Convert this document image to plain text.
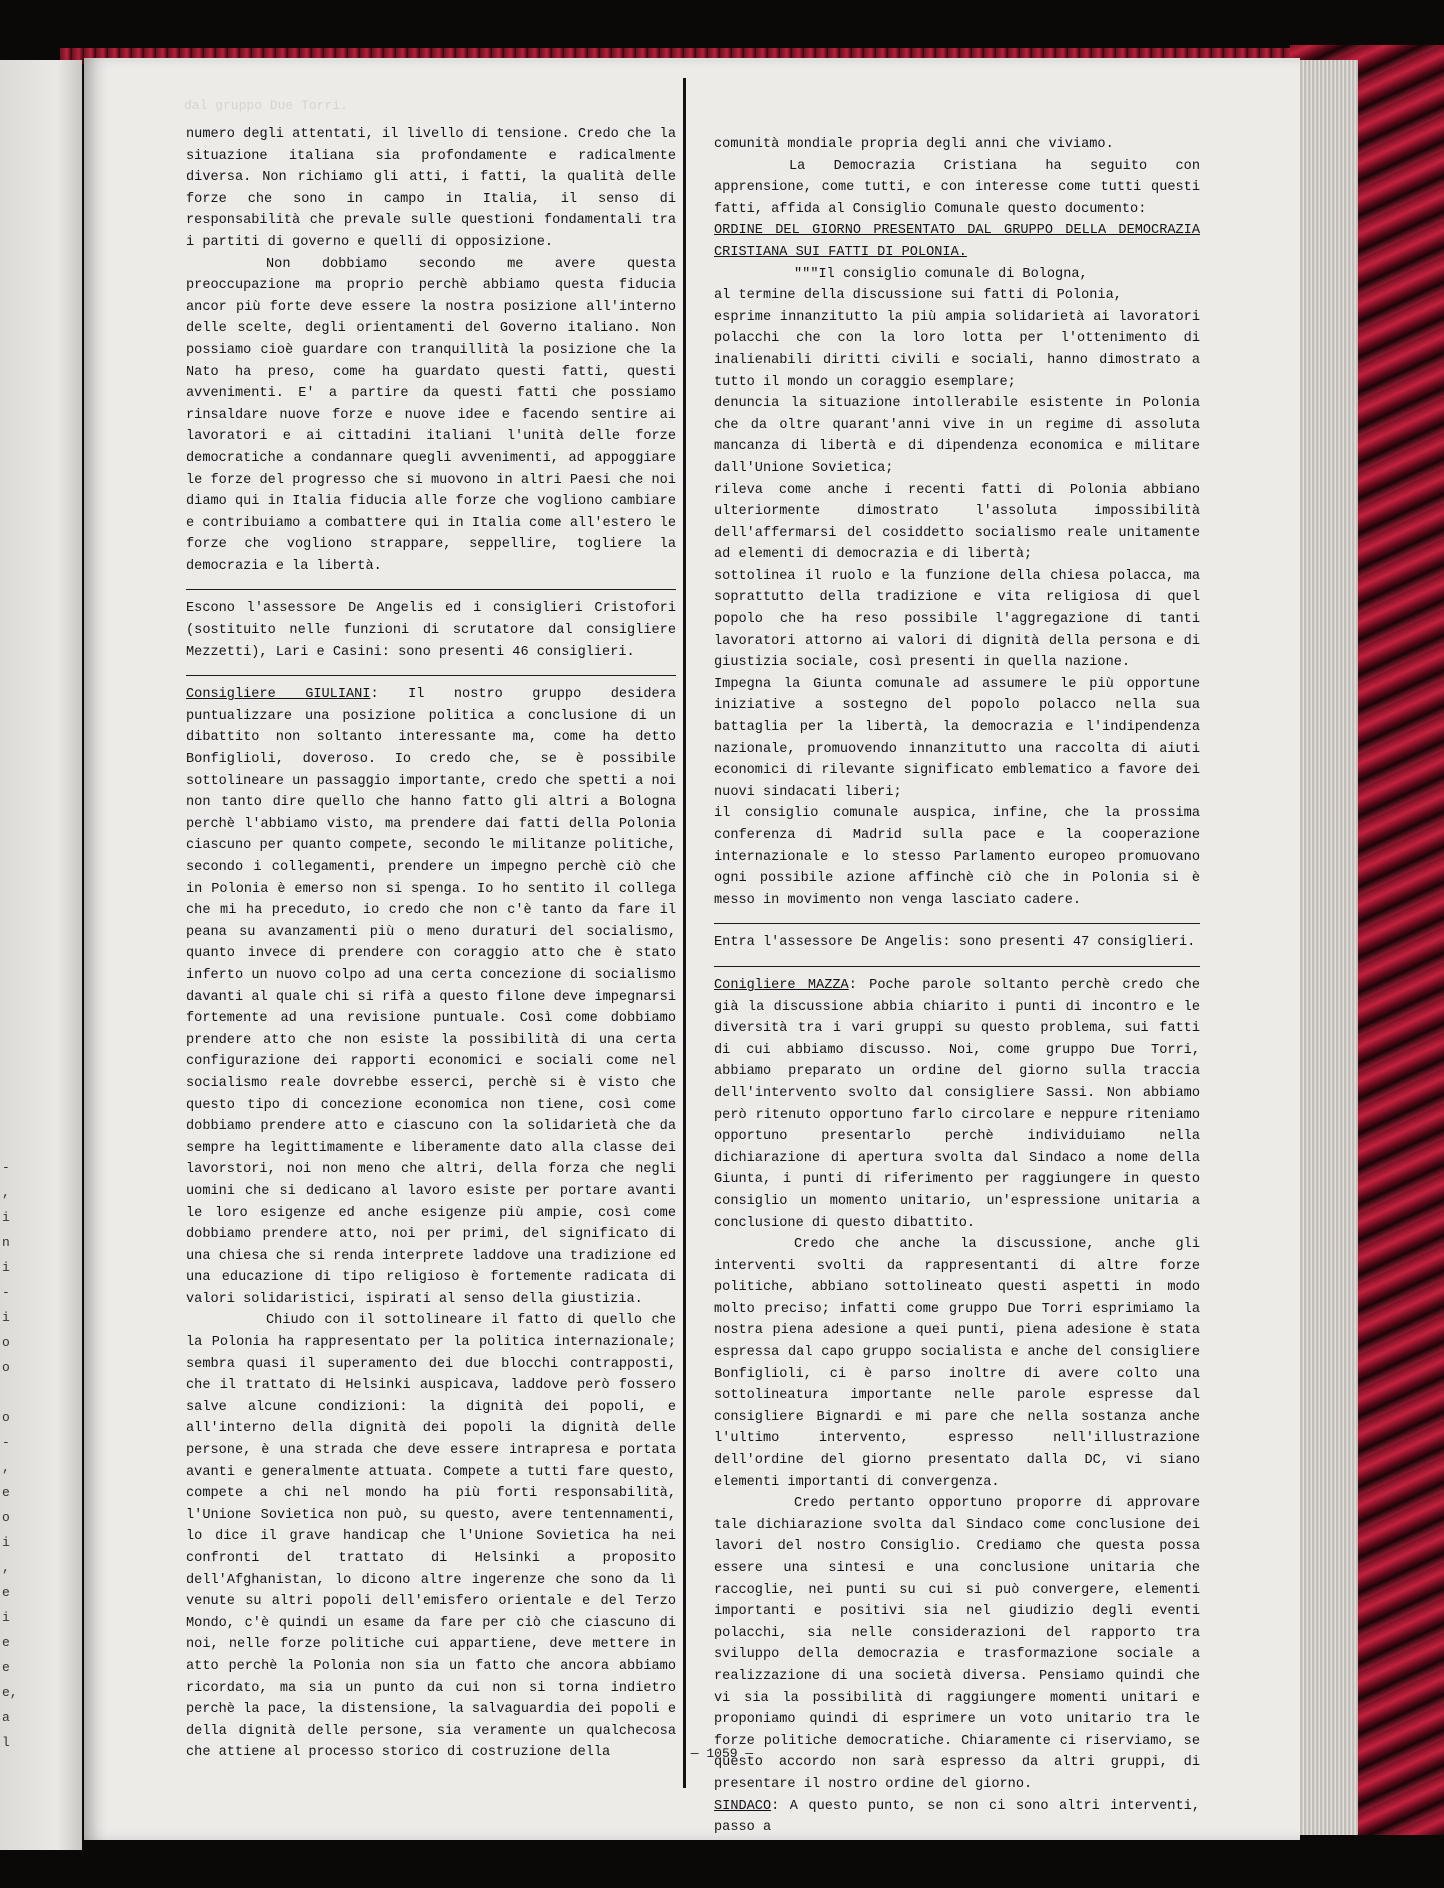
-
,
i
n
i
-
i
o
o

o
-
,
e
o
i
,
e
i
e
e
e,
a
l
dal gruppo Due Torri.

numero degli attentati, il livello di tensione. Credo che la situazione italiana sia profondamente e radicalmente diversa. Non richiamo gli atti, i fatti, la qualità delle forze che sono in campo in Italia, il senso di responsabilità che prevale sulle questioni fondamentali tra i partiti di governo e quelli di opposizione.

Non dobbiamo secondo me avere questa preoccupazione ma proprio perchè abbiamo questa fiducia ancor più forte deve essere la nostra posizione all'interno delle scelte, degli orientamenti del Governo italiano. Non possiamo cioè guardare con tranquillità la posizione che la Nato ha preso, come ha guardato questi fatti, questi avvenimenti. E' a partire da questi fatti che possiamo rinsaldare nuove forze e nuove idee e facendo sentire ai lavoratori e ai cittadini italiani l'unità delle forze democratiche a condannare quegli avvenimenti, ad appoggiare le forze del progresso che si muovono in altri Paesi che noi diamo qui in Italia fiducia alle forze che vogliono cambiare e contribuiamo a combattere qui in Italia come all'estero le forze che vogliono strappare, seppellire, togliere la democrazia e la libertà.

Escono l'assessore De Angelis ed i consiglieri Cristofori (sostituito nelle funzioni di scrutatore dal consigliere Mezzetti), Lari e Casini: sono presenti 46 consiglieri.

Consigliere GIULIANI: Il nostro gruppo desidera puntualizzare una posizione politica a conclusione di un dibattito non soltanto interessante ma, come ha detto Bonfiglioli, doveroso. Io credo che, se è possibile sottolineare un passaggio importante, credo che spetti a noi non tanto dire quello che hanno fatto gli altri a Bologna perchè l'abbiamo visto, ma prendere dai fatti della Polonia ciascuno per quanto compete, secondo le militanze politiche, secondo i collegamenti, prendere un impegno perchè ciò che in Polonia è emerso non si spenga. Io ho sentito il collega che mi ha preceduto, io credo che non c'è tanto da fare il peana su avanzamenti più o meno duraturi del socialismo, quanto invece di prendere con coraggio atto che è stato inferto un nuovo colpo ad una certa concezione di socialismo davanti al quale chi si rifà a questo filone deve impegnarsi fortemente ad una revisione puntuale. Così come dobbiamo prendere atto che non esiste la possibilità di una certa configurazione dei rapporti economici e sociali come nel socialismo reale dovrebbe esserci, perchè si è visto che questo tipo di concezione economica non tiene, così come dobbiamo prendere atto e ciascuno con la solidarietà che da sempre ha legittimamente e liberamente dato alla classe dei lavorstori, noi non meno che altri, della forza che negli uomini che si dedicano al lavoro esiste per portare avanti le loro esigenze ed anche esigenze più ampie, così come dobbiamo prendere atto, noi per primi, del significato di una chiesa che si renda interprete laddove una tradizione ed una educazione di tipo religioso è fortemente radicata di valori solidaristici, ispirati al senso della giustizia.

Chiudo con il sottolineare il fatto di quello che la Polonia ha rappresentato per la politica internazionale; sembra quasi il superamento dei due blocchi contrapposti, che il trattato di Helsinki auspicava, laddove però fossero salve alcune condizioni: la dignità dei popoli, e all'interno della dignità dei popoli la dignità delle persone, è una strada che deve essere intrapresa e portata avanti e generalmente attuata. Compete a tutti fare questo, compete a chi nel mondo ha più forti responsabilità, l'Unione Sovietica non può, su questo, avere tentennamenti, lo dice il grave handicap che l'Unione Sovietica ha nei confronti del trattato di Helsinki a proposito dell'Afghanistan, lo dicono altre ingerenze che sono da lì venute su altri popoli dell'emisfero orientale e del Terzo Mondo, c'è quindi un esame da fare per ciò che ciascuno di noi, nelle forze politiche cui appartiene, deve mettere in atto perchè la Polonia non sia un fatto che ancora abbiamo ricordato, ma sia un punto da cui non si torna indietro perchè la pace, la distensione, la salvaguardia dei popoli e della dignità delle persone, sia veramente un qualchecosa che attiene al processo storico di costruzione della

comunità mondiale propria degli anni che viviamo.

La Democrazia Cristiana ha seguito con apprensione, come tutti, e con interesse come tutti questi fatti, affida al Consiglio Comunale questo documento:

ORDINE DEL GIORNO PRESENTATO DAL GRUPPO DELLA DEMOCRAZIA CRISTIANA SUI FATTI DI POLONIA.

"""Il consiglio comunale di Bologna,

al termine della discussione sui fatti di Polonia,

esprime innanzitutto la più ampia solidarietà ai lavoratori polacchi che con la loro lotta per l'ottenimento di inalienabili diritti civili e sociali, hanno dimostrato a tutto il mondo un coraggio esemplare;

denuncia la situazione intollerabile esistente in Polonia che da oltre quarant'anni vive in un regime di assoluta mancanza di libertà e di dipendenza economica e militare dall'Unione Sovietica;

rileva come anche i recenti fatti di Polonia abbiano ulteriormente dimostrato l'assoluta impossibilità dell'affermarsi del cosiddetto socialismo reale unitamente ad elementi di democrazia e di libertà;

sottolinea il ruolo e la funzione della chiesa polacca, ma soprattutto della tradizione e vita religiosa di quel popolo che ha reso possibile l'aggregazione di tanti lavoratori attorno ai valori di dignità della persona e di giustizia sociale, così presenti in quella nazione.

Impegna la Giunta comunale ad assumere le più opportune iniziative a sostegno del popolo polacco nella sua battaglia per la libertà, la democrazia e l'indipendenza nazionale, promuovendo innanzitutto una raccolta di aiuti economici di rilevante significato emblematico a favore dei nuovi sindacati liberi;

il consiglio comunale auspica, infine, che la prossima conferenza di Madrid sulla pace e la cooperazione internazionale e lo stesso Parlamento europeo promuovano ogni possibile azione affinchè ciò che in Polonia si è messo in movimento non venga lasciato cadere.

Entra l'assessore De Angelis: sono presenti 47 consiglieri.

Conigliere MAZZA: Poche parole soltanto perchè credo che già la discussione abbia chiarito i punti di incontro e le diversità tra i vari gruppi su questo problema, sui fatti di cui abbiamo discusso. Noi, come gruppo Due Torri, abbiamo preparato un ordine del giorno sulla traccia dell'intervento svolto dal consigliere Sassi. Non abbiamo però ritenuto opportuno farlo circolare e neppure riteniamo opportuno presentarlo perchè individuiamo nella dichiarazione di apertura svolta dal Sindaco a nome della Giunta, i punti di riferimento per raggiungere in questo consiglio un momento unitario, un'espressione unitaria a conclusione di questo dibattito.

Credo che anche la discussione, anche gli interventi svolti da rappresentanti di altre forze politiche, abbiano sottolineato questi aspetti in modo molto preciso; infatti come gruppo Due Torri esprimiamo la nostra piena adesione a quei punti, piena adesione è stata espressa dal capo gruppo socialista e anche del consigliere Bonfiglioli, ci è parso inoltre di avere colto una sottolineatura importante nelle parole espresse dal consigliere Bignardi e mi pare che nella sostanza anche l'ultimo intervento, espresso nell'illustrazione dell'ordine del giorno presentato dalla DC, vi siano elementi importanti di convergenza.

Credo pertanto opportuno proporre di approvare tale dichiarazione svolta dal Sindaco come conclusione dei lavori del nostro Consiglio. Crediamo che questa possa essere una sintesi e una conclusione unitaria che raccoglie, nei punti su cui si può convergere, elementi importanti e positivi sia nel giudizio degli eventi polacchi, sia nelle considerazioni del rapporto tra sviluppo della democrazia e trasformazione sociale a realizzazione di una società diversa. Pensiamo quindi che vi sia la possibilità di raggiungere momenti unitari e proponiamo quindi di esprimere un voto unitario tra le forze politiche democratiche. Chiaramente ci riserviamo, se questo accordo non sarà espresso da altri gruppi, di presentare il nostro ordine del giorno.

SINDACO: A questo punto, se non ci sono altri interventi, passo a

— 1059 —
